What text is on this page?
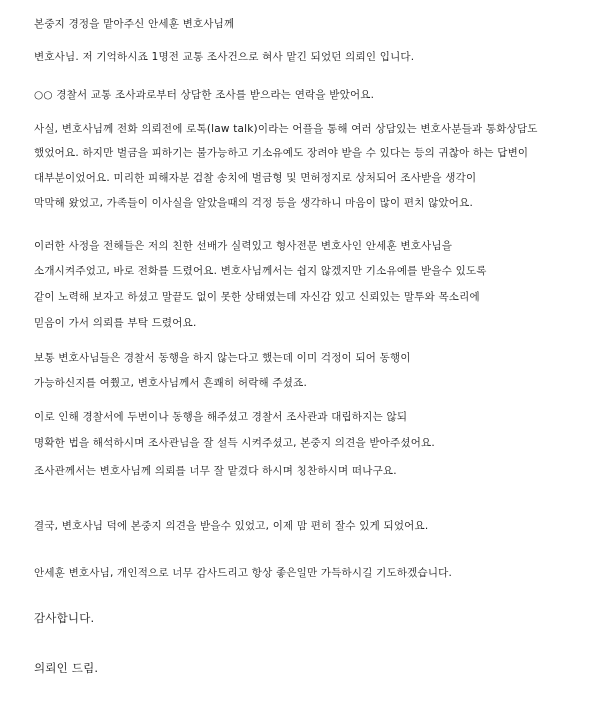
본중지 경정을 맡아주신 안세훈 변호사님께
변호사님. 저 기억하시죠 1명전 교통 조사건으로 혀사 맡긴 되었던 의뢰인 입니다.
○○ 경찰서 교통 조사과로부터 상담한 조사를 받으라는 연락을 받았어요.
사실, 변호사님께 전화 의뢰전에 로톡(law talk)이라는 어플을 통해 여러 상담있는 변호사분들과 통화상담도
했었어요. 하지만 벌금을 피하기는 불가능하고 기소유예도 장려야 받을 수 있다는 등의 귀찮아 하는 답변이
대부분이었어요. 미리한 피해자분 검찰 송치에 벌금형 및 면허정지로 상처되어 조사받을 생각이
막막해 왔었고, 가족들이 이사실을 알았을때의 걱정 등을 생각하니 마음이 많이 편치 않았어요.
이러한 사정을 전해들은 저의 친한 선배가 실력있고 형사전문 변호사인 안세훈 변호사님을
소개시켜주었고, 바로 전화를 드렸어요. 변호사님께서는 쉽지 않겠지만 기소유예를 받을수 있도록
같이 노력해 보자고 하셨고 말끝도 없이 못한 상태였는데 자신감 있고 신뢰있는 말투와 목소리에
믿음이 가서 의뢰를 부탁 드렸어요.
보통 변호사님들은 경찰서 동행을 하지 않는다고 했는데 이미 걱정이 되어 동행이
가능하신지를 여쭸고, 변호사님께서 흔쾌히 허락해 주셨죠.
이로 인해 경찰서에 두번이나 동행을 해주셨고 경찰서 조사관과 대립하지는 않되
명확한 법을 해석하시며 조사관님을 잘 설득 시켜주셨고, 본중지 의견을 받아주셨어요.
조사관께서는 변호사님께 의뢰를 너무 잘 맡겼다 하시며 칭찬하시며 떠나구요.
결국, 변호사님 덕에 본중지 의견을 받을수 있었고, 이제 맘 편히 잘수 있게 되었어요.
안세훈 변호사님, 개인적으로 너무 감사드리고 항상 좋은일만 가득하시길 기도하겠습니다.
감사합니다.
의뢰인 드림.
